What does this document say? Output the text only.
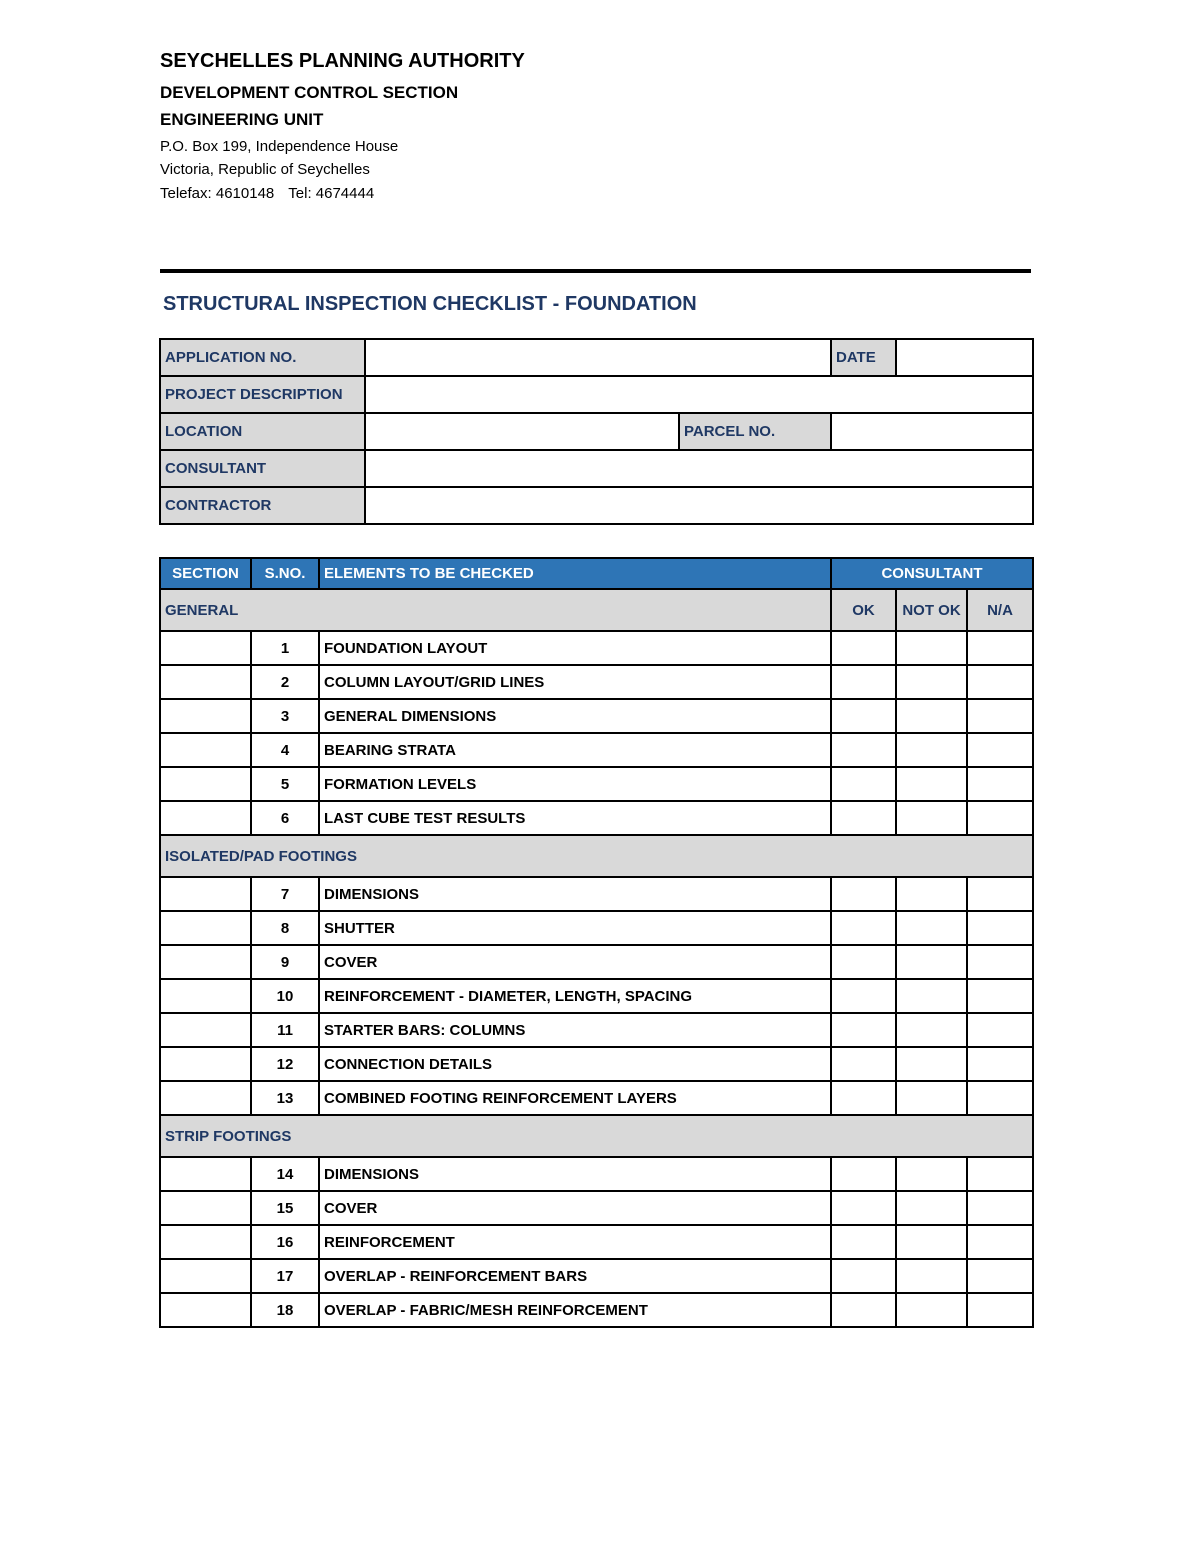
SEYCHELLES PLANNING AUTHORITY
DEVELOPMENT CONTROL SECTION
ENGINEERING UNIT
P.O. Box 199, Independence House
Victoria, Republic of Seychelles
Telefax: 4610148 Tel: 4674444
STRUCTURAL INSPECTION CHECKLIST - FOUNDATION
APPLICATION NO.			DATE	
PROJECT DESCRIPTION				
LOCATION		PARCEL NO.		
CONSULTANT				
CONTRACTOR				
SECTION	S.NO.	ELEMENTS TO BE CHECKED	CONSULTANT		
GENERAL			OK	NOT OK	N/A
	1	FOUNDATION LAYOUT			
	2	COLUMN LAYOUT/GRID LINES			
	3	GENERAL DIMENSIONS			
	4	BEARING STRATA			
	5	FORMATION LEVELS			
	6	LAST CUBE TEST RESULTS			
ISOLATED/PAD FOOTINGS					
	7	DIMENSIONS			
	8	SHUTTER			
	9	COVER			
	10	REINFORCEMENT - DIAMETER, LENGTH, SPACING			
	11	STARTER BARS: COLUMNS			
	12	CONNECTION DETAILS			
	13	COMBINED FOOTING REINFORCEMENT LAYERS			
STRIP FOOTINGS					
	14	DIMENSIONS			
	15	COVER			
	16	REINFORCEMENT			
	17	OVERLAP - REINFORCEMENT BARS			
	18	OVERLAP - FABRIC/MESH REINFORCEMENT			
